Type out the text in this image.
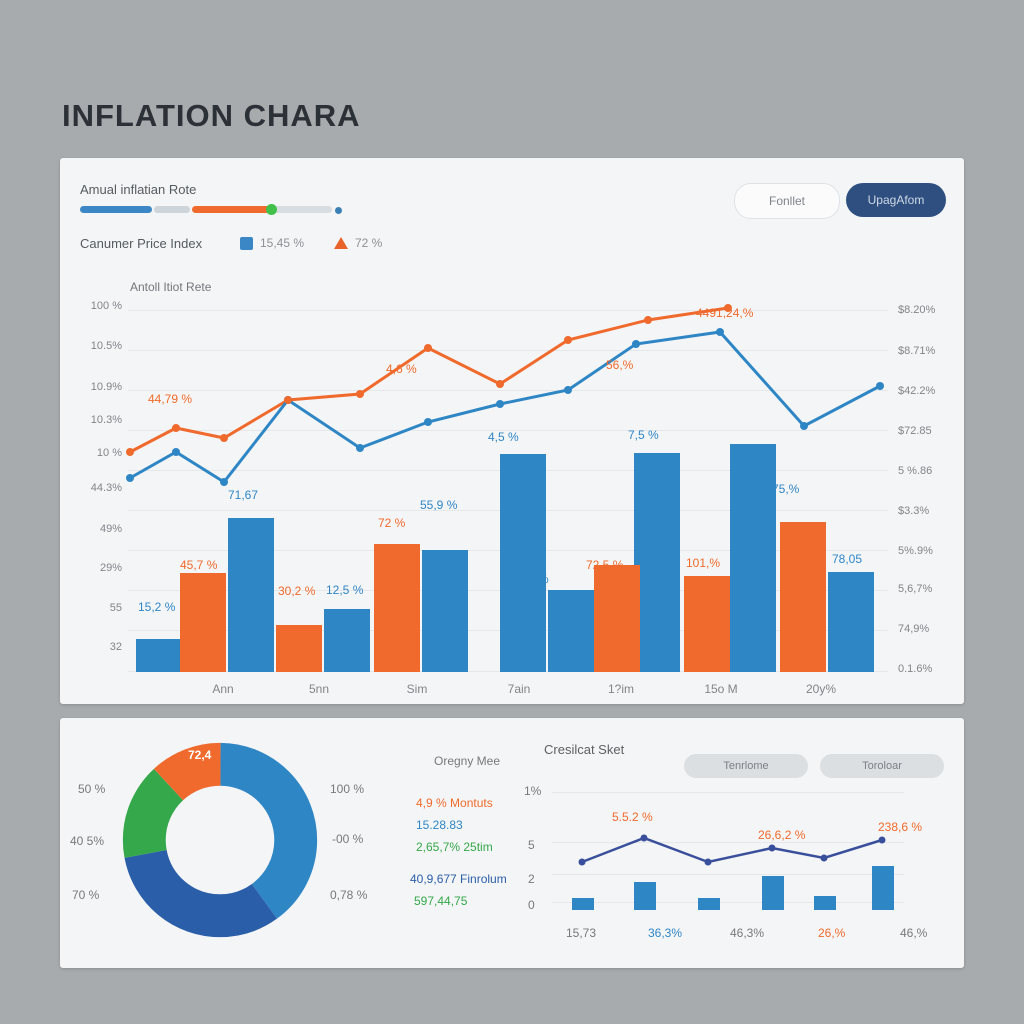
INFLATION CHARA
Amual inflatian Rote
Canumer Price Index	15,45 %	72 %
Fonllet	UpagAfom
Antoll Itiot Rete
100 %
10.5%
10.9%
10.3%
10 %
44.3%
49%
29%
55
32
$8.20%
$8.71%
$42.2%
$72.85
5 %.86
$3.3%
5%.9%
5,6,7%
74,9%
0.1.6%
15,2 %
71,67
12,5 %
55,9 %
8,9 %
7,5 %
75,%
78,05
45,7 %
30,2 %
72 %
4,5 %
72,5 %	101,%
75,%
44,79 %
4,6 %	56,%
4491,24,%
Ann	5nn	Sim	7ain	1?im	15o M	20y%
72,4
50 %
40 5%
70 %
100 %
-00 %
0,78 %
Oregny Mee
Cresilcat Sket
Tenrlome	Toroloar
4,9 % Montuts
15.28.83
2,65,7% 25tim
40,9,677 Finrolum
597,44,75
1%
5
2
0
5.5.2 %
26,6,2 %
238,6 %
15,73	36,3%	46,3%	26,%	46,%
